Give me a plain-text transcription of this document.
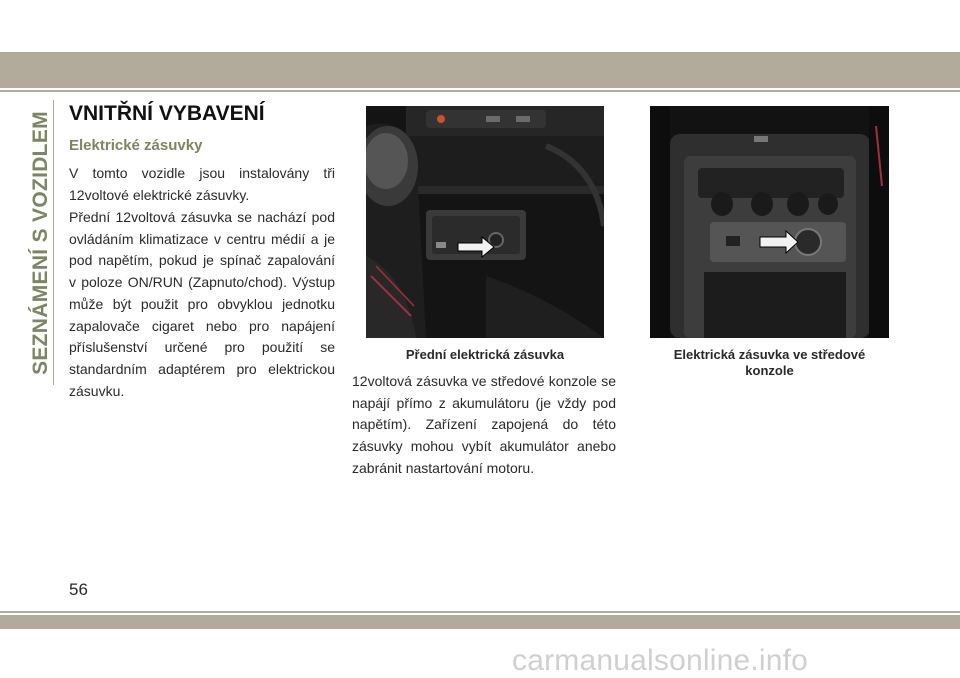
SEZNÁMENÍ S VOZIDLEM VNITŘNÍ VYBAVENÍ
Elektrické zásuvky

V tomto vozidle jsou instalovány tři 12voltové elektrické zásuvky.

Přední 12voltová zásuvka se nachází pod ovládáním klimatizace v centru médií a je pod napětím, pokud je spínač zapalování v poloze ON/RUN (Zapnuto/chod). Výstup může být použit pro obvyklou jednotku zapalovače cigaret nebo pro napájení příslušenství určené pro použití se standardním adaptérem pro elektrickou zásuvku.

Přední elektrická zásuvka	Elektrická zásuvka ve středové konzole

12voltová zásuvka ve středové konzole se napájí přímo z akumulátoru (je vždy pod napětím). Zařízení zapojená do této zásuvky mohou vybít akumulátor anebo zabránit nastartování motoru.

56
carmanualsonline.info
